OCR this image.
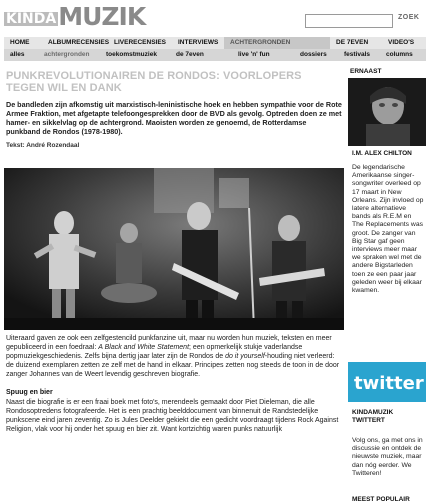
KINDA MUZIK	ZOEK
HOME	ALBUMRECENSIES LIVERECENSIES	INTERVIEWS	ACHTERGRONDEN	DE 7EVEN	VIDEO'S
alles	achtergronden	toekomstmuziek	de 7even	live 'n' fun	dossiers	festivals	columns
PUNKREVOLUTIONAIREN DE RONDOS: VOORLOPERS TEGEN WIL EN DANK

De bandleden zijn afkomstig uit marxistisch-leninistische hoek en hebben sympathie voor de Rote Armee Fraktion, met afgetapte telefoongesprekken door de BVD als gevolg. Optreden doen ze met hamer- en sikkelvlag op de achtergrond. Maoisten worden ze genoemd, de Rotterdamse punkband de Rondos (1978-1980).

Tekst: André Rozendaal

Uiteraard gaven ze ook een zelfgestencild punkfanzine uit, maar nu worden hun muziek, teksten en meer gepubliceerd in een foedraal: A Black and White Statement; een opmerkelijk stukje vaderlandse popmuziekgeschiedenis. Zelfs bijna dertig jaar later zijn de Rondos de do it yourself-houding niet verleerd: de duizend exemplaren zetten ze zelf met de hand in elkaar. Principes zetten nog steeds de toon in de door zanger Johannes van de Weert levendig geschreven biografie.

Spuug en bier

Naast die biografie is er een fraai boek met foto's, merendeels gemaakt door Piet Dieleman, die alle Rondosoptredens fotografeerde. Het is een prachtig beelddocument van binnenuit de Randstedelijke punkscene eind jaren zeventig. Zo is Jules Deelder gekiekt die een gedicht voordraagt tijdens Rock Against Religion, vlak voor hij onder het spuug en bier zit. Want kortzichtig waren punks natuurlijk

ERNAAST
I.M. ALEX CHILTON

De legendarische Amerikaanse singer-songwriter overleed op 17 maart in New Orleans. Zijn invloed op latere alternatieve bands als R.E.M en The Replacements was groot. De zanger van Big Star gaf geen interviews meer maar we spraken wel met de andere Bigstarleden toen ze een paar jaar geleden weer bij elkaar kwamen.

twitter
KINDAMUZIK
TWITTERT

Volg ons, ga met ons in discussie en ontdek de nieuwste muziek, maar dan nóg eerder. We Twitteren!

MEEST POPULAIR
